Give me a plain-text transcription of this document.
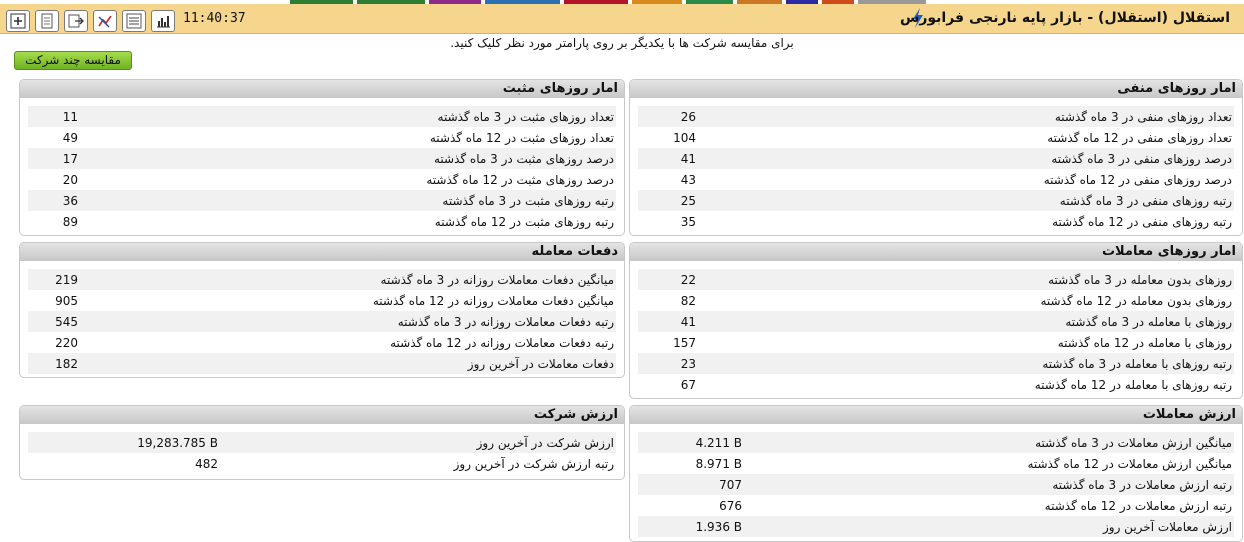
11:40:37	استقلال (استقلال) - بازار پایه نارنجی فرابورس
برای مقایسه شرکت ها با یکدیگر بر روی پارامتر مورد نظر کلیک کنید.
مقایسه چند شرکت
امار روزهای منفی
تعداد روزهای منفی در 3 ماه گذشته
26
تعداد روزهای منفی در 12 ماه گذشته
104
درصد روزهای منفی در 3 ماه گذشته
41
درصد روزهای منفی در 12 ماه گذشته
43
رتبه روزهای منفی در 3 ماه گذشته
25
رتبه روزهای منفی در 12 ماه گذشته
35
امار روزهای مثبت
تعداد روزهای مثبت در 3 ماه گذشته
11
تعداد روزهای مثبت در 12 ماه گذشته
49
درصد روزهای مثبت در 3 ماه گذشته
17
درصد روزهای مثبت در 12 ماه گذشته
20
رتبه روزهای مثبت در 3 ماه گذشته
36
رتبه روزهای مثبت در 12 ماه گذشته
89
امار روزهای معاملات
روزهای بدون معامله در 3 ماه گذشته
22
روزهای بدون معامله در 12 ماه گذشته
82
روزهای با معامله در 3 ماه گذشته
41
روزهای با معامله در 12 ماه گذشته
157
رتبه روزهای با معامله در 3 ماه گذشته
23
رتبه روزهای با معامله در 12 ماه گذشته
67
دفعات معامله
میانگین دفعات معاملات روزانه در 3 ماه گذشته
219
میانگین دفعات معاملات روزانه در 12 ماه گذشته
905
رتبه دفعات معاملات روزانه در 3 ماه گذشته
545
رتبه دفعات معاملات روزانه در 12 ماه گذشته
220
دفعات معاملات در آخرین روز
182
ارزش معاملات
میانگین ارزش معاملات در 3 ماه گذشته
4.211 B
میانگین ارزش معاملات در 12 ماه گذشته
8.971 B
رتبه ارزش معاملات در 3 ماه گذشته
707
رتبه ارزش معاملات در 12 ماه گذشته
676
ارزش معاملات آخرین روز
1.936 B
ارزش شرکت
ارزش شرکت در آخرین روز
19,283.785 B
رتبه ارزش شرکت در آخرین روز
482
